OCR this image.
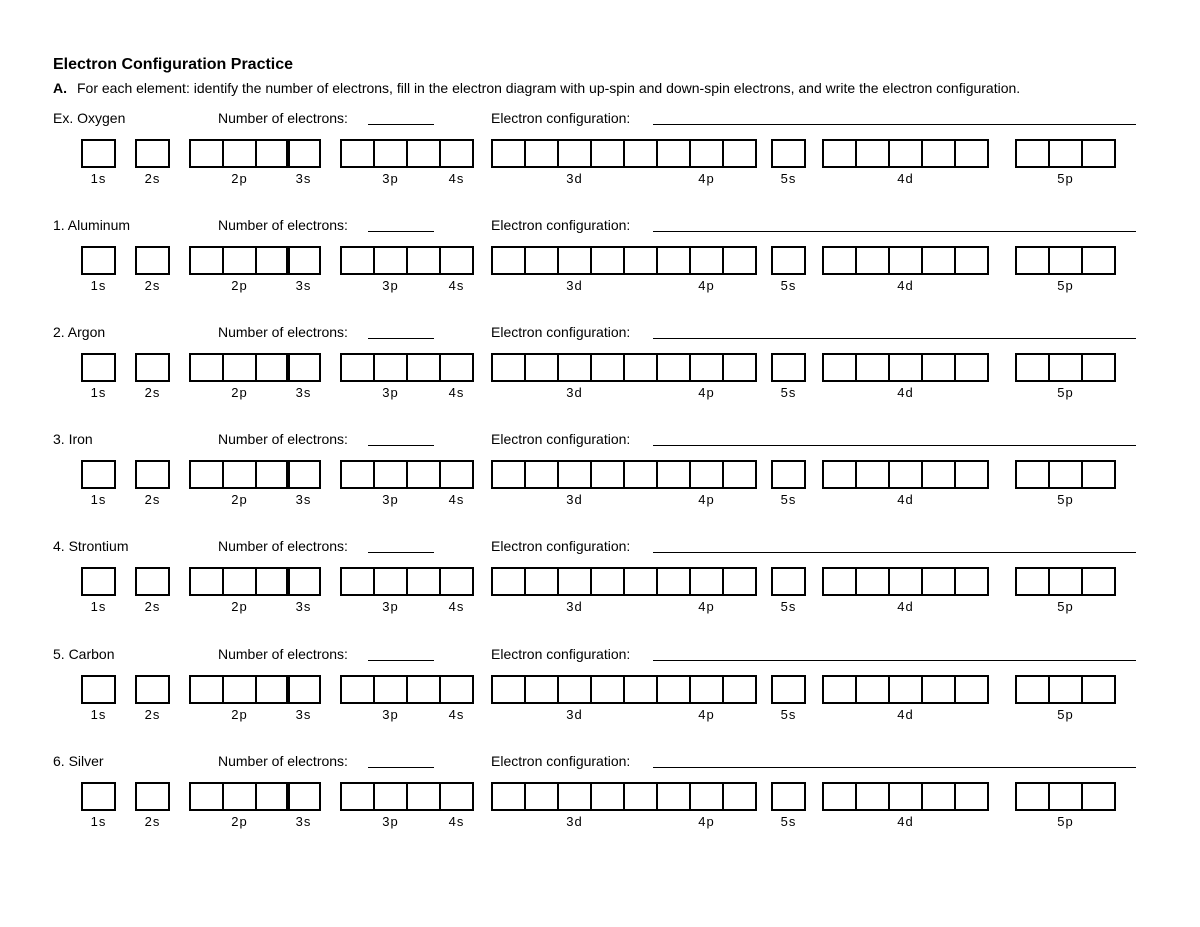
Electron Configuration Practice
A. For each element: identify the number of electrons, fill in the electron diagram with up-spin and down-spin electrons, and write the electron configuration.
Ex. Oxygen	Number of electrons:	Electron configuration:
1s	2s	2p	3s	3p	4s	3d	4p	5s	4d	5p
1. Aluminum	Number of electrons:	Electron configuration:
1s	2s	2p	3s	3p	4s	3d	4p	5s	4d	5p
2. Argon	Number of electrons:	Electron configuration:
1s	2s	2p	3s	3p	4s	3d	4p	5s	4d	5p
3. Iron	Number of electrons:	Electron configuration:
1s	2s	2p	3s	3p	4s	3d	4p	5s	4d	5p
4. Strontium	Number of electrons:	Electron configuration:
1s	2s	2p	3s	3p	4s	3d	4p	5s	4d	5p
5. Carbon	Number of electrons:	Electron configuration:
1s	2s	2p	3s	3p	4s	3d	4p	5s	4d	5p
6. Silver	Number of electrons:	Electron configuration:
1s	2s	2p	3s	3p	4s	3d	4p	5s	4d	5p
